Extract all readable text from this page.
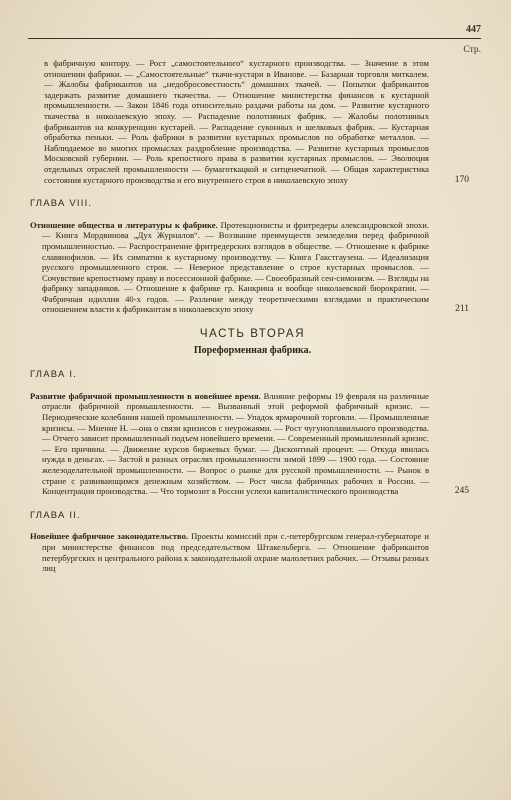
447
Стр.
в фабричную контору. — Рост „самостоятельного“ кустарного производства. — Значение в этом отношении фабрики. — „Самостоятельные“ ткачи-кустари в Иванове. — Базарная торговля миткалем. — Жалобы фабрикантов на „недобросовестность“ домашних ткачей. — Попытки фабрикантов задержать развитие домашнего ткачества. — Отношение министерства финансов к кустарной промышленности. — Закон 1846 года относительно раздачи работы на дом. — Развитие кустарного ткачества в николаевскую эпоху. — Распадение полотняных фабрик. — Жалобы полотняных фабрикантов на конкуренцию кустарей. — Распадение суконных и шелковых фабрик. — Кустарная обработка пеньки. — Роль фабрики в развитии кустарных промыслов по обработке металлов. — Наблюдаемое во многих промыслах раздробление производства. — Развитие кустарных промыслов Московской губернии. — Роль крепостного права в развитии кустарных промыслов. — Эволюция отдельных отраслей промышленности — бумаготкацкой и ситценечатной. — Общая характеристика состояния кустарного производства и его внутреннего строя в николаевскую эпоху	170
ГЛАВА VIII.
Отношение общества и литературы к фабрике. Протекционисты и фритредеры александровской эпохи. — Книга Мордвинова „Дух Журналов“. — Воззвание преимуществ земледелия перед фабричной промышленностью. — Распространение фритредерских взглядов в обществе. — Отношение к фабрике славянофилов. — Их симпатии к кустарному производству. — Книга Гакстгаузена. — Идеализация русского промышленного строя. — Неверное представление о строе кустарных промыслов. — Сочувствие крепостному праву и посессионной фабрике. — Своеобразный сен-симонизм. — Взгляды на фабрику западников. — Отношение к фабрике гр. Канкрина и вообще николаевской бюрократии. — Фабричная идиллия 40-х годов. — Различие между теоретическими взглядами и практическим отношением власти к фабрикантам в николаевскую эпоху	211
ЧАСТЬ ВТОРАЯ
Пореформенная фабрика.
ГЛАВА I.
Развитие фабричной промышленности в новейшее время. Влияние реформы 19 февраля на различные отрасли фабричной промышленности. — Вызванный этой реформой фабричный кризис. — Периодические колебания нашей промышленности. — Упадок ярмарочной торговли. — Промышленные кризисы. — Мнение Н. —она о связи кризисов с неурожаями. — Рост чугуноплавильного производства. — Отчего зависит промышленный подъем новейшего времени. — Современный промышленный кризис. — Его причины. — Движение курсов биржевых бумаг. — Дисконтный процент. — Откуда явилась нужда в деньгах. — Застой в разных отраслях промышленности зимой 1899 — 1900 года. — Состояние железоделательной промышленности. — Вопрос о рынке для русской промышленности. — Рынок в стране с развивающимся денежным хозяйством. — Рост числа фабричных рабочих в России. — Концентрация производства. — Что тормозит в России успехи капиталистического производства	245
ГЛАВА II.
Новейшее фабричное законодательство. Проекты комиссий при с.-петербургском генерал-губернаторе и при министерстве финансов под председательством Штакельберга. — Отношение фабрикантов петербургских и центрального района к законодательной охране малолетних рабочих. — Отзывы разных лиц
